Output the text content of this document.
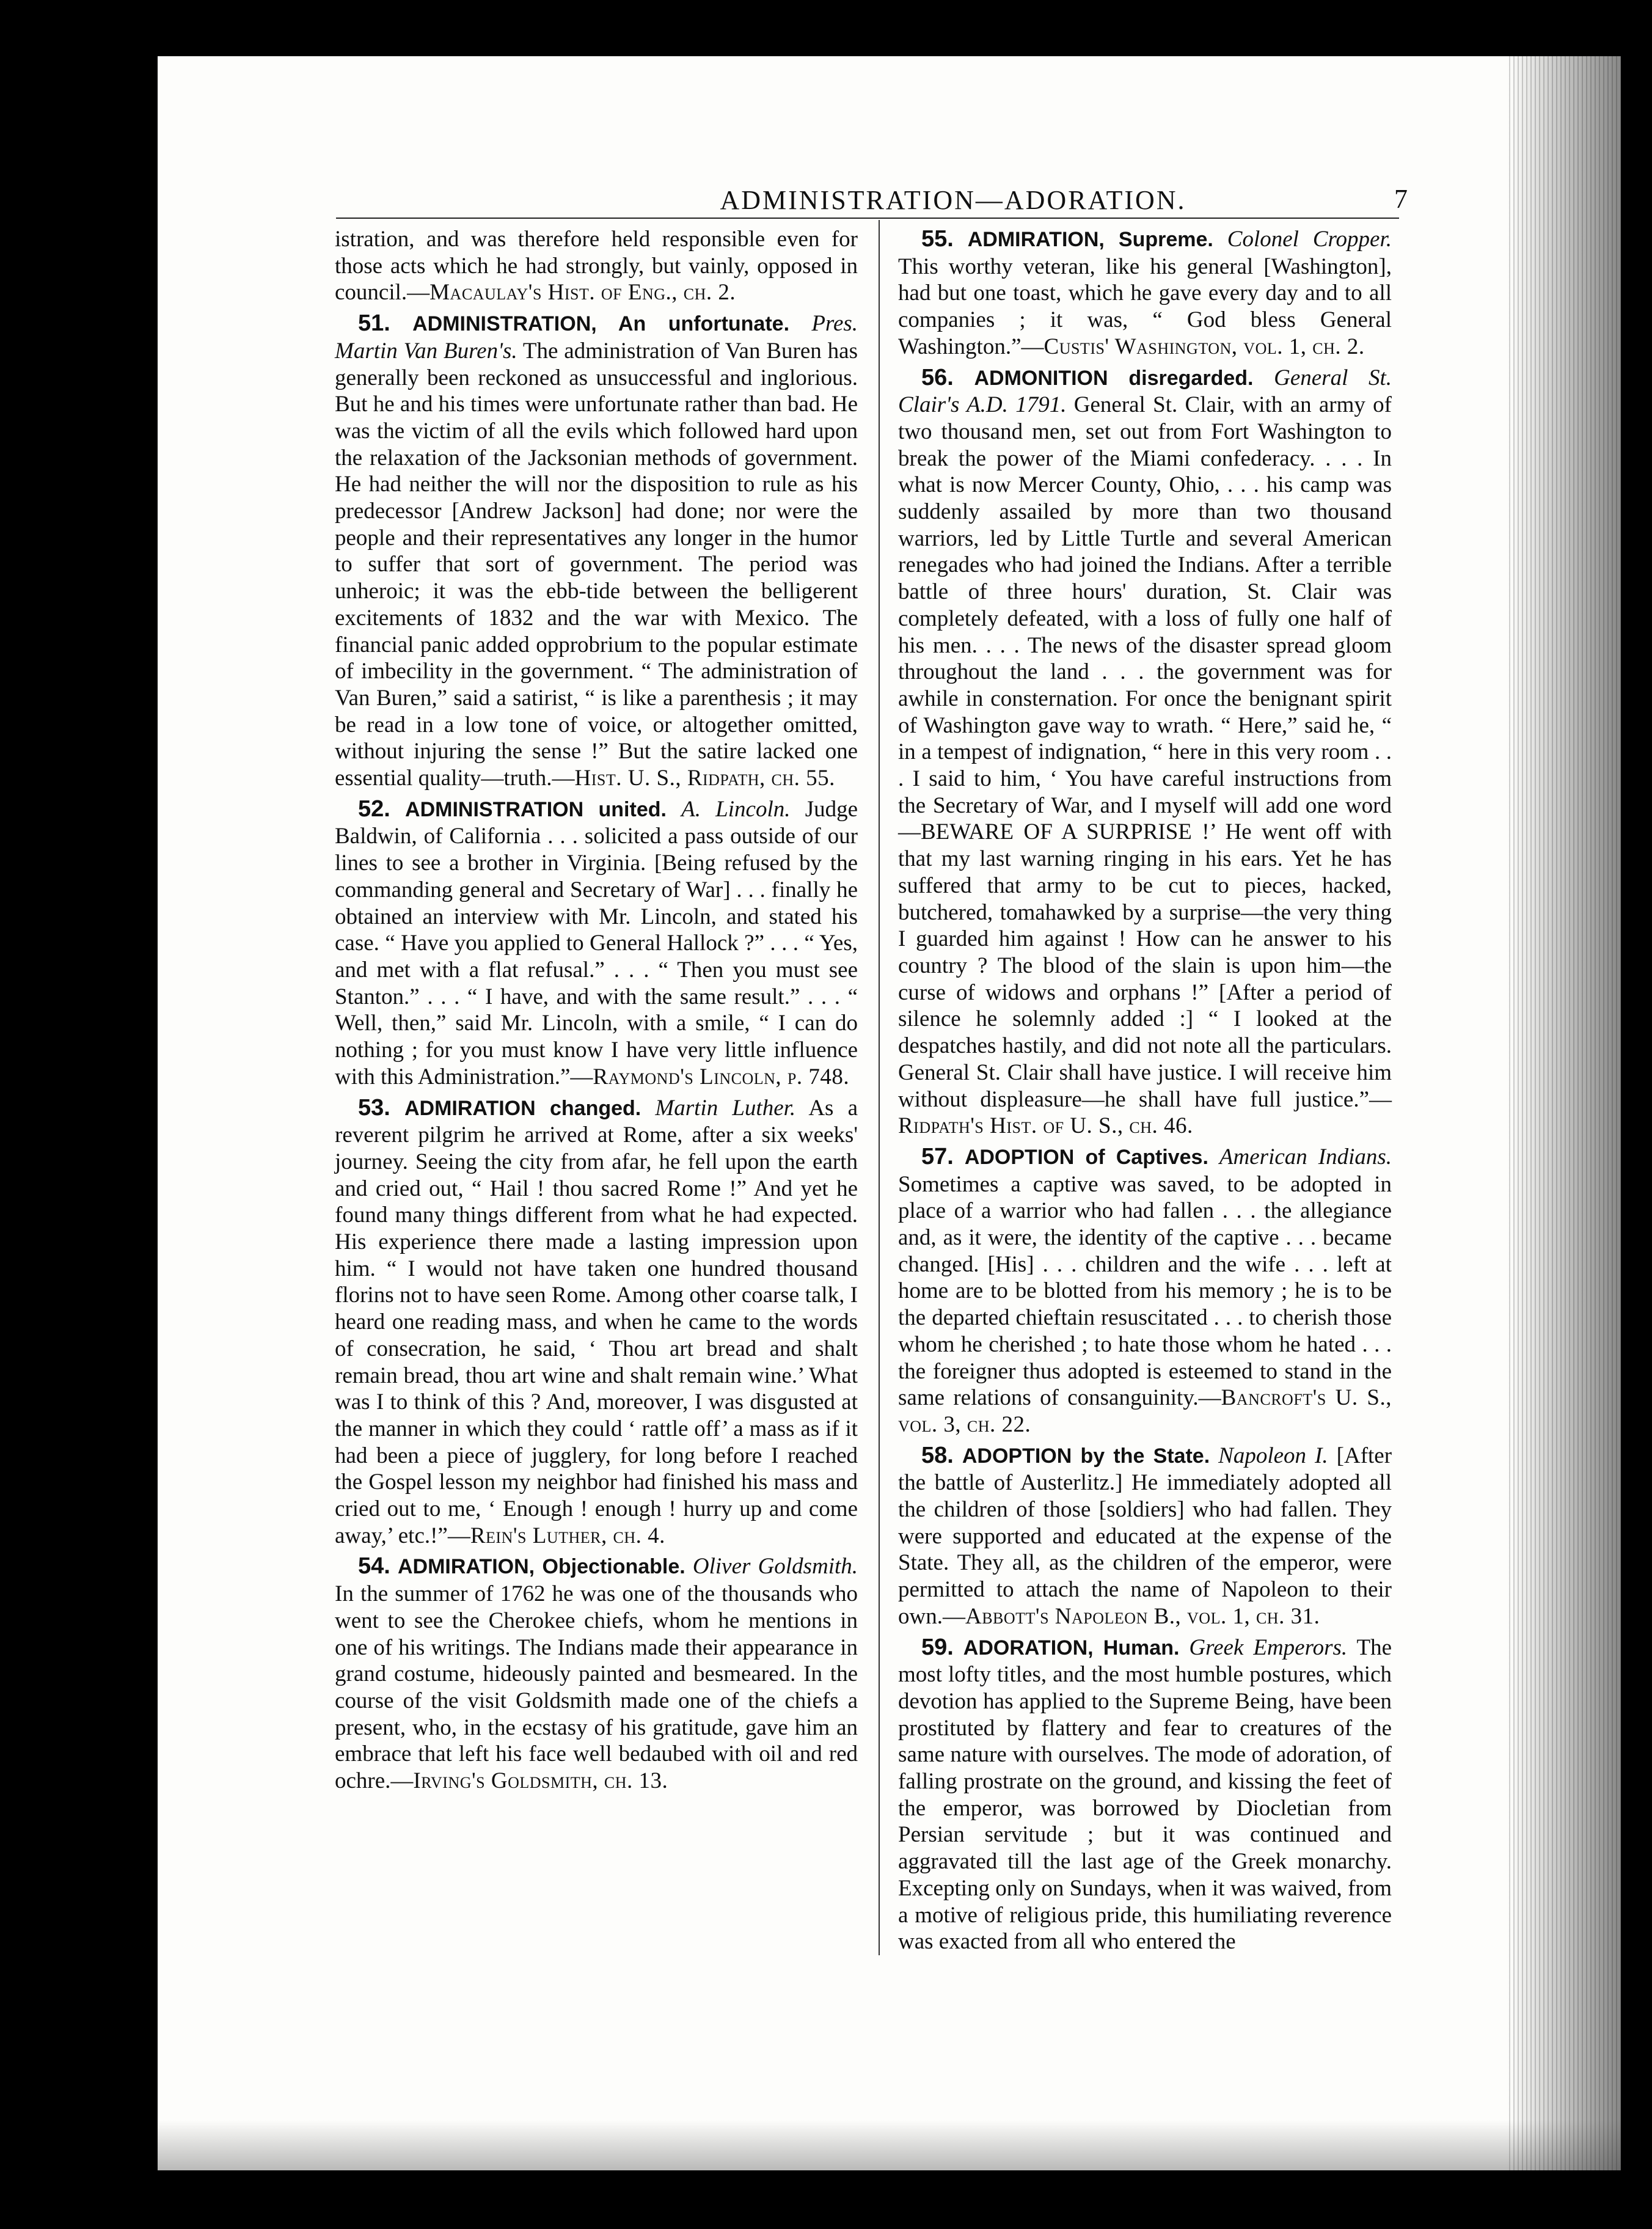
ADMINISTRATION—ADORATION.	7

istration, and was therefore held responsible even for those acts which he had strongly, but vainly, opposed in council.—Macaulay's Hist. of Eng., ch. 2.

51. ADMINISTRATION, An unfortunate. Pres. Martin Van Buren's. The administration of Van Buren has generally been reckoned as unsuccessful and inglorious. But he and his times were unfortunate rather than bad. He was the victim of all the evils which followed hard upon the relaxation of the Jacksonian methods of government. He had neither the will nor the disposition to rule as his predecessor [Andrew Jackson] had done; nor were the people and their representatives any longer in the humor to suffer that sort of government. The period was unheroic; it was the ebb-tide between the belligerent excitements of 1832 and the war with Mexico. The financial panic added opprobrium to the popular estimate of imbecility in the government. “ The administration of Van Buren,” said a satirist, “ is like a parenthesis ; it may be read in a low tone of voice, or altogether omitted, without injuring the sense !” But the satire lacked one essential quality—truth.—Hist. U. S., Ridpath, ch. 55.

52. ADMINISTRATION united. A. Lincoln. Judge Baldwin, of California . . . solicited a pass outside of our lines to see a brother in Virginia. [Being refused by the commanding general and Secretary of War] . . . finally he obtained an interview with Mr. Lincoln, and stated his case. “ Have you applied to General Hallock ?” . . . “ Yes, and met with a flat refusal.” . . . “ Then you must see Stanton.” . . . “ I have, and with the same result.” . . . “ Well, then,” said Mr. Lincoln, with a smile, “ I can do nothing ; for you must know I have very little influence with this Administration.”—Raymond's Lincoln, p. 748.

53. ADMIRATION changed. Martin Luther. As a reverent pilgrim he arrived at Rome, after a six weeks' journey. Seeing the city from afar, he fell upon the earth and cried out, “ Hail ! thou sacred Rome !” And yet he found many things different from what he had expected. His experience there made a lasting impression upon him. “ I would not have taken one hundred thousand florins not to have seen Rome. Among other coarse talk, I heard one reading mass, and when he came to the words of consecration, he said, ‘ Thou art bread and shalt remain bread, thou art wine and shalt remain wine.’ What was I to think of this ? And, moreover, I was disgusted at the manner in which they could ‘ rattle off’ a mass as if it had been a piece of jugglery, for long before I reached the Gospel lesson my neighbor had finished his mass and cried out to me, ‘ Enough ! enough ! hurry up and come away,’ etc.!”—Rein's Luther, ch. 4.

54. ADMIRATION, Objectionable. Oliver Goldsmith. In the summer of 1762 he was one of the thousands who went to see the Cherokee chiefs, whom he mentions in one of his writings. The Indians made their appearance in grand costume, hideously painted and besmeared. In the course of the visit Goldsmith made one of the chiefs a present, who, in the ecstasy of his gratitude, gave him an embrace that left his face well bedaubed with oil and red ochre.—Irving's Goldsmith, ch. 13.

55. ADMIRATION, Supreme. Colonel Cropper. This worthy veteran, like his general [Washington], had but one toast, which he gave every day and to all companies ; it was, “ God bless General Washington.”—Custis' Washington, vol. 1, ch. 2.

56. ADMONITION disregarded. General St. Clair's A.D. 1791. General St. Clair, with an army of two thousand men, set out from Fort Washington to break the power of the Miami confederacy. . . . In what is now Mercer County, Ohio, . . . his camp was suddenly assailed by more than two thousand warriors, led by Little Turtle and several American renegades who had joined the Indians. After a terrible battle of three hours' duration, St. Clair was completely defeated, with a loss of fully one half of his men. . . . The news of the disaster spread gloom throughout the land . . . the government was for awhile in consternation. For once the benignant spirit of Washington gave way to wrath. “ Here,” said he, “ in a tempest of indignation, “ here in this very room . . . I said to him, ‘ You have careful instructions from the Secretary of War, and I myself will add one word—BEWARE OF A SURPRISE !’ He went off with that my last warning ringing in his ears. Yet he has suffered that army to be cut to pieces, hacked, butchered, tomahawked by a surprise—the very thing I guarded him against ! How can he answer to his country ? The blood of the slain is upon him—the curse of widows and orphans !” [After a period of silence he solemnly added :] “ I looked at the despatches hastily, and did not note all the particulars. General St. Clair shall have justice. I will receive him without displeasure—he shall have full justice.”—Ridpath's Hist. of U. S., ch. 46.

57. ADOPTION of Captives. American Indians. Sometimes a captive was saved, to be adopted in place of a warrior who had fallen . . . the allegiance and, as it were, the identity of the captive . . . became changed. [His] . . . children and the wife . . . left at home are to be blotted from his memory ; he is to be the departed chieftain resuscitated . . . to cherish those whom he cherished ; to hate those whom he hated . . . the foreigner thus adopted is esteemed to stand in the same relations of consanguinity.—Bancroft's U. S., vol. 3, ch. 22.

58. ADOPTION by the State. Napoleon I. [After the battle of Austerlitz.] He immediately adopted all the children of those [soldiers] who had fallen. They were supported and educated at the expense of the State. They all, as the children of the emperor, were permitted to attach the name of Napoleon to their own.—Abbott's Napoleon B., vol. 1, ch. 31.

59. ADORATION, Human. Greek Emperors. The most lofty titles, and the most humble postures, which devotion has applied to the Supreme Being, have been prostituted by flattery and fear to creatures of the same nature with ourselves. The mode of adoration, of falling prostrate on the ground, and kissing the feet of the emperor, was borrowed by Diocletian from Persian servitude ; but it was continued and aggravated till the last age of the Greek monarchy. Excepting only on Sundays, when it was waived, from a motive of religious pride, this humiliating reverence was exacted from all who entered the
